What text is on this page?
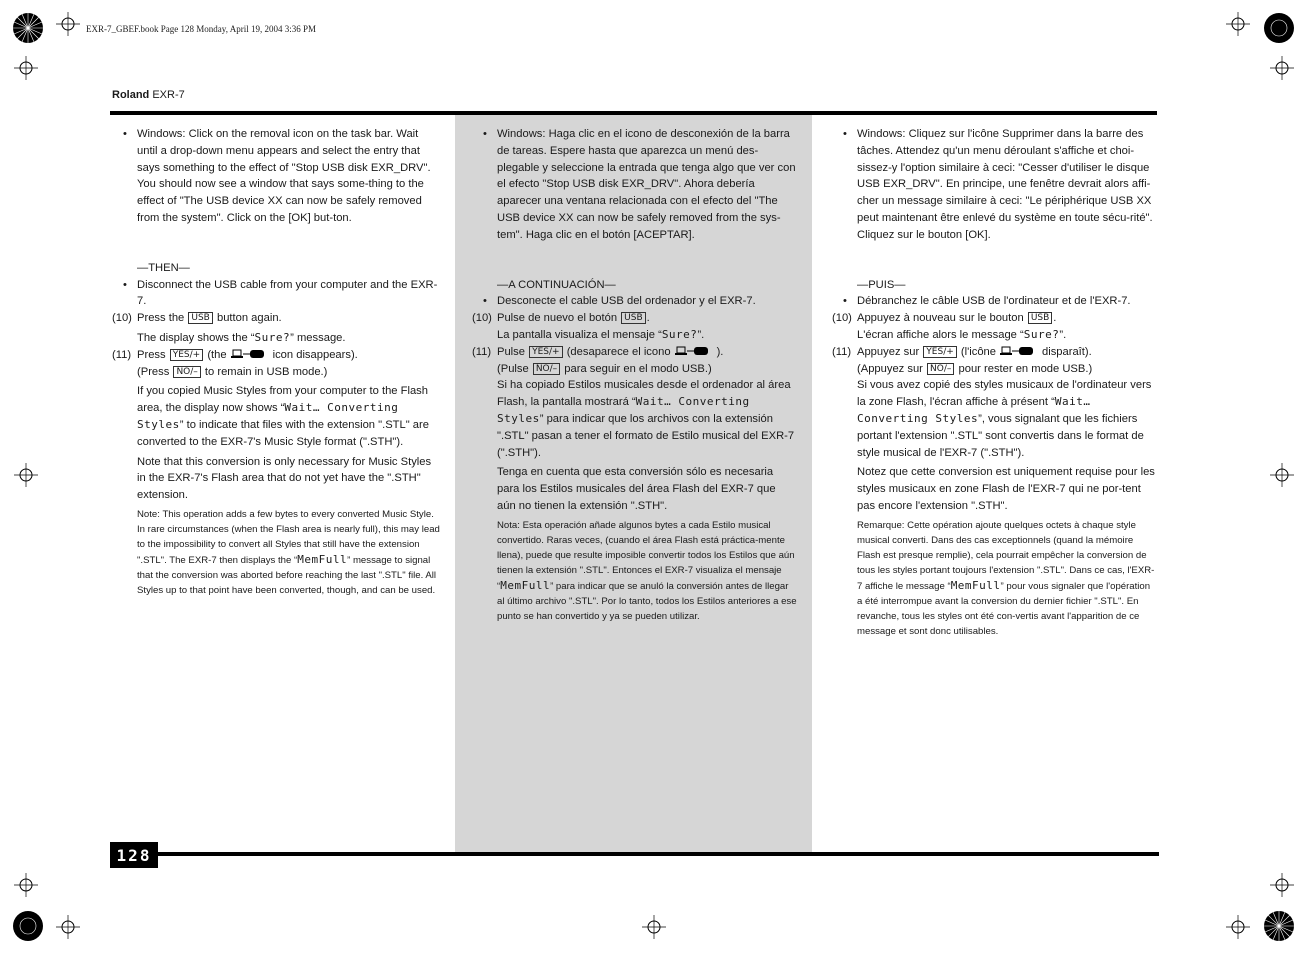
EXR-7_GBEF.book Page 128 Monday, April 19, 2004 3:36 PM
Roland EXR-7

• Windows: Click on the removal icon on the task bar. Wait until a drop-down menu appears and select the entry that says something to the effect of "Stop USB disk EXR_DRV". You should now see a window that says some-thing to the effect of "The USB device XX can now be safely removed from the system". Click on the [OK] but-ton.

—THEN—

• Disconnect the USB cable from your computer and the EXR-7.

(10) Press the USB button again.

The display shows the “Sure?” message.

(11) Press YES/+ (the	icon disappears).

(Press NO/– to remain in USB mode.)

If you copied Music Styles from your computer to the Flash area, the display now shows “Wait… Converting Styles” to indicate that files with the extension ".STL" are converted to the EXR-7's Music Style format (".STH").

Note that this conversion is only necessary for Music Styles in the EXR-7's Flash area that do not yet have the ".STH" extension.

Note: This operation adds a few bytes to every converted Music Style. In rare circumstances (when the Flash area is nearly full), this may lead to the impossibility to convert all Styles that still have the extension ".STL". The EXR-7 then displays the “MemFull” message to signal that the conversion was aborted before reaching the last ".STL" file. All Styles up to that point have been converted, though, and can be used.

• Windows: Haga clic en el icono de desconexión de la barra de tareas. Espere hasta que aparezca un menú des-plegable y seleccione la entrada que tenga algo que ver con el efecto "Stop USB disk EXR_DRV". Ahora debería aparecer una ventana relacionada con el efecto del "The USB device XX can now be safely removed from the sys-tem". Haga clic en el botón [ACEPTAR].

—A CONTINUACIÓN—

• Desconecte el cable USB del ordenador y el EXR-7.

(10) Pulse de nuevo el botón USB .

La pantalla visualiza el mensaje “Sure?”.

(11) Pulse YES/+ (desaparece el icono	).

(Pulse NO/– para seguir en el modo USB.)

Si ha copiado Estilos musicales desde el ordenador al área Flash, la pantalla mostrará “Wait… Converting Styles” para indicar que los archivos con la extensión ".STL" pasan a tener el formato de Estilo musical del EXR-7 (".STH").

Tenga en cuenta que esta conversión sólo es necesaria para los Estilos musicales del área Flash del EXR-7 que aún no tienen la extensión ".STH".

Nota: Esta operación añade algunos bytes a cada Estilo musical convertido. Raras veces, (cuando el área Flash está práctica-mente llena), puede que resulte imposible convertir todos los Estilos que aún tienen la extensión ".STL". Entonces el EXR-7 visualiza el mensaje “MemFull” para indicar que se anuló la conversión antes de llegar al último archivo ".STL". Por lo tanto, todos los Estilos anteriores a ese punto se han convertido y ya se pueden utilizar.

• Windows: Cliquez sur l'icône Supprimer dans la barre des tâches. Attendez qu'un menu déroulant s'affiche et choi-sissez-y l'option similaire à ceci: "Cesser d'utiliser le disque USB EXR_DRV". En principe, une fenêtre devrait alors affi-cher un message similaire à ceci: "Le périphérique USB XX peut maintenant être enlevé du système en toute sécu-rité". Cliquez sur le bouton [OK].

—PUIS—

• Débranchez le câble USB de l'ordinateur et de l'EXR-7.

(10) Appuyez à nouveau sur le bouton USB .

L'écran affiche alors le message “Sure?”.

(11) Appuyez sur YES/+ (l'icône	disparaît).

(Appuyez sur NO/– pour rester en mode USB.)

Si vous avez copié des styles musicaux de l'ordinateur vers la zone Flash, l'écran affiche à présent “Wait… Converting Styles”, vous signalant que les fichiers portant l'extension ".STL" sont convertis dans le format de style musical de l'EXR-7 (".STH").

Notez que cette conversion est uniquement requise pour les styles musicaux en zone Flash de l'EXR-7 qui ne por-tent pas encore l'extension ".STH".

Remarque: Cette opération ajoute quelques octets à chaque style musical converti. Dans des cas exceptionnels (quand la mémoire Flash est presque remplie), cela pourrait empêcher la conversion de tous les styles portant toujours l'extension ".STL". Dans ce cas, l'EXR-7 affiche le message “MemFull” pour vous signaler que l'opération a été interrompue avant la conversion du dernier fichier ".STL". En revanche, tous les styles ont été con-vertis avant l'apparition de ce message et sont donc utilisables.

128
